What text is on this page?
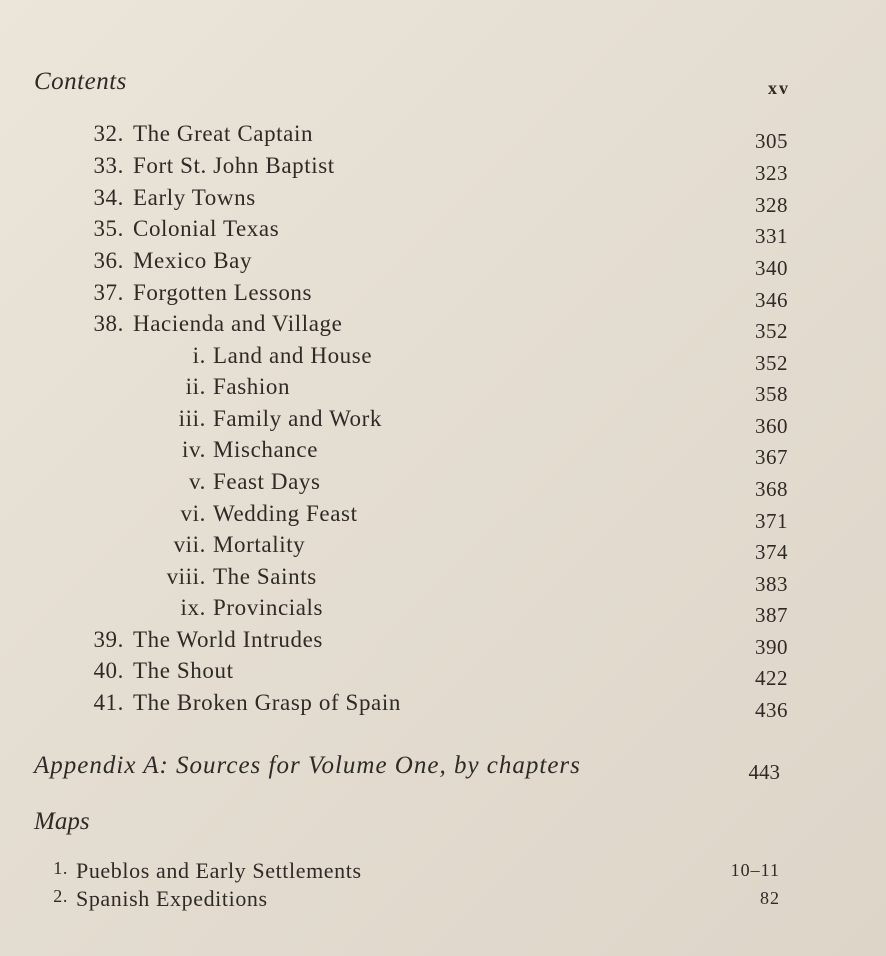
Contents	xv
32. The Great Captain	305
33. Fort St. John Baptist	323
34. Early Towns	328
35. Colonial Texas	331
36. Mexico Bay	340
37. Forgotten Lessons	346
38. Hacienda and Village	352
i. Land and House	352
ii. Fashion	358
iii. Family and Work	360
iv. Mischance	367
v. Feast Days	368
vi. Wedding Feast	371
vii. Mortality	374
viii. The Saints	383
ix. Provincials	387
39. The World Intrudes	390
40. The Shout	422
41. The Broken Grasp of Spain	436
Appendix A: Sources for Volume One, by chapters	443
Maps
1. Pueblos and Early Settlements	10–11
2. Spanish Expeditions	82
